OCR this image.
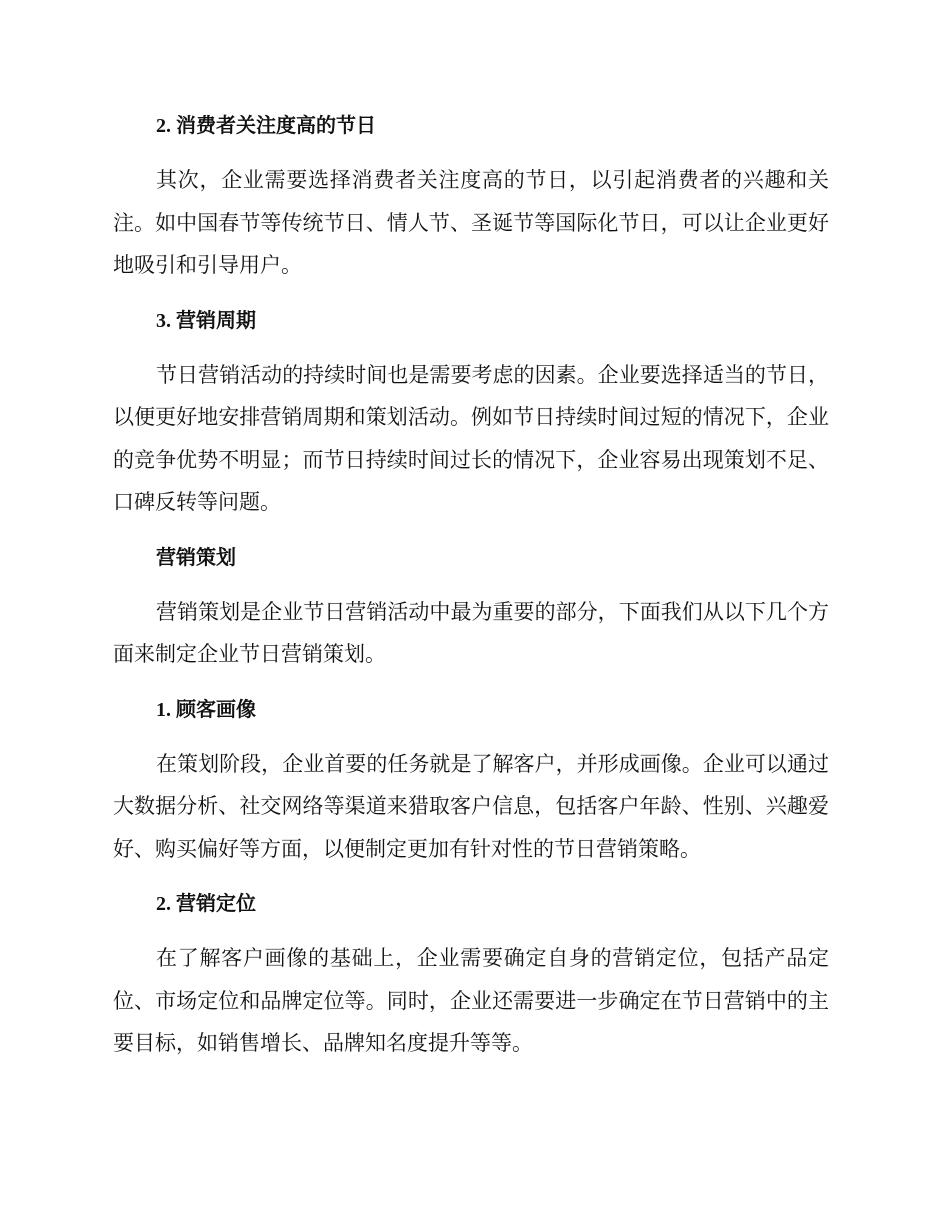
2. 消费者关注度高的节日

其次，企业需要选择消费者关注度高的节日，以引起消费者的兴趣和关注。如中国春节等传统节日、情人节、圣诞节等国际化节日，可以让企业更好地吸引和引导用户。

3. 营销周期

节日营销活动的持续时间也是需要考虑的因素。企业要选择适当的节日，以便更好地安排营销周期和策划活动。例如节日持续时间过短的情况下，企业的竞争优势不明显；而节日持续时间过长的情况下，企业容易出现策划不足、口碑反转等问题。

营销策划

营销策划是企业节日营销活动中最为重要的部分，下面我们从以下几个方面来制定企业节日营销策划。

1. 顾客画像

在策划阶段，企业首要的任务就是了解客户，并形成画像。企业可以通过大数据分析、社交网络等渠道来猎取客户信息，包括客户年龄、性别、兴趣爱好、购买偏好等方面，以便制定更加有针对性的节日营销策略。

2. 营销定位

在了解客户画像的基础上，企业需要确定自身的营销定位，包括产品定位、市场定位和品牌定位等。同时，企业还需要进一步确定在节日营销中的主要目标，如销售增长、品牌知名度提升等等。
